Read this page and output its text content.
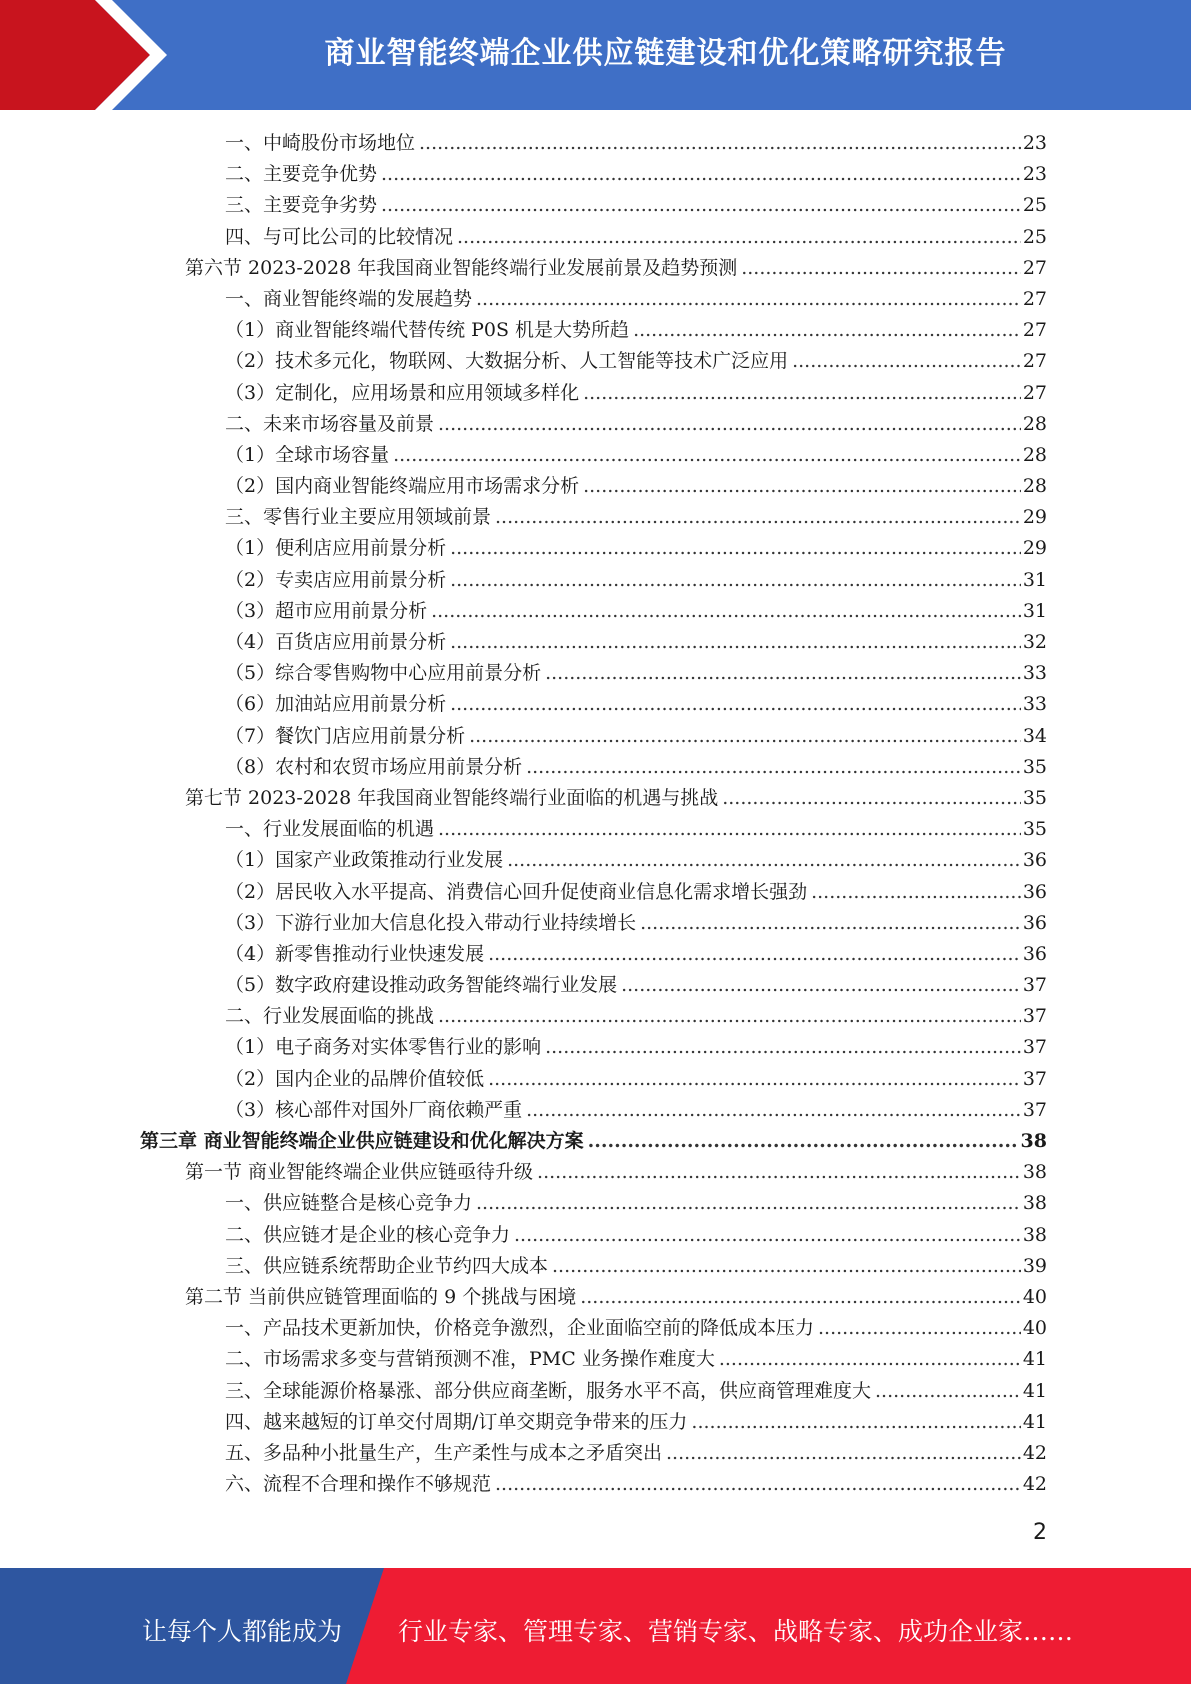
商业智能终端企业供应链建设和优化策略研究报告
一、中崎股份市场地位 .....	23
二、主要竞争优势 .....	23
三、主要竞争劣势 .....	25
四、与可比公司的比较情况 .....	25
第六节 2023-2028 年我国商业智能终端行业发展前景及趋势预测 .....	27
一、商业智能终端的发展趋势 .....	27
（1）商业智能终端代替传统 P0S 机是大势所趋 .....	27
（2）技术多元化，物联网、大数据分析、人工智能等技术广泛应用 .....	27
（3）定制化，应用场景和应用领域多样化 .....	27
二、未来市场容量及前景 .....	28
（1）全球市场容量 .....	28
（2）国内商业智能终端应用市场需求分析 .....	28
三、零售行业主要应用领域前景 .....	29
（1）便利店应用前景分析 .....	29
（2）专卖店应用前景分析 .....	31
（3）超市应用前景分析 .....	31
（4）百货店应用前景分析 .....	32
（5）综合零售购物中心应用前景分析 .....	33
（6）加油站应用前景分析 .....	33
（7）餐饮门店应用前景分析 .....	34
（8）农村和农贸市场应用前景分析 .....	35
第七节 2023-2028 年我国商业智能终端行业面临的机遇与挑战 .....	35
一、行业发展面临的机遇 .....	35
（1）国家产业政策推动行业发展 .....	36
（2）居民收入水平提高、消费信心回升促使商业信息化需求增长强劲 .....	36
（3）下游行业加大信息化投入带动行业持续增长 .....	36
（4）新零售推动行业快速发展 .....	36
（5）数字政府建设推动政务智能终端行业发展 .....	37
二、行业发展面临的挑战 .....	37
（1）电子商务对实体零售行业的影响 .....	37
（2）国内企业的品牌价值较低 .....	37
（3）核心部件对国外厂商依赖严重 .....	37
第三章 商业智能终端企业供应链建设和优化解决方案 .....	38
第一节 商业智能终端企业供应链亟待升级 .....	38
一、供应链整合是核心竞争力 .....	38
二、供应链才是企业的核心竞争力 .....	38
三、供应链系统帮助企业节约四大成本 .....	39
第二节 当前供应链管理面临的 9 个挑战与困境 .....	40
一、产品技术更新加快，价格竞争激烈，企业面临空前的降低成本压力 .....	40
二、市场需求多变与营销预测不准，PMC 业务操作难度大 .....	41
三、全球能源价格暴涨、部分供应商垄断，服务水平不高，供应商管理难度大 .....	41
四、越来越短的订单交付周期/订单交期竞争带来的压力 .....	41
五、多品种小批量生产，生产柔性与成本之矛盾突出 .....	42
六、流程不合理和操作不够规范 .....	42
2
让每个人都能成为 行业专家、管理专家、营销专家、战略专家、成功企业家……
